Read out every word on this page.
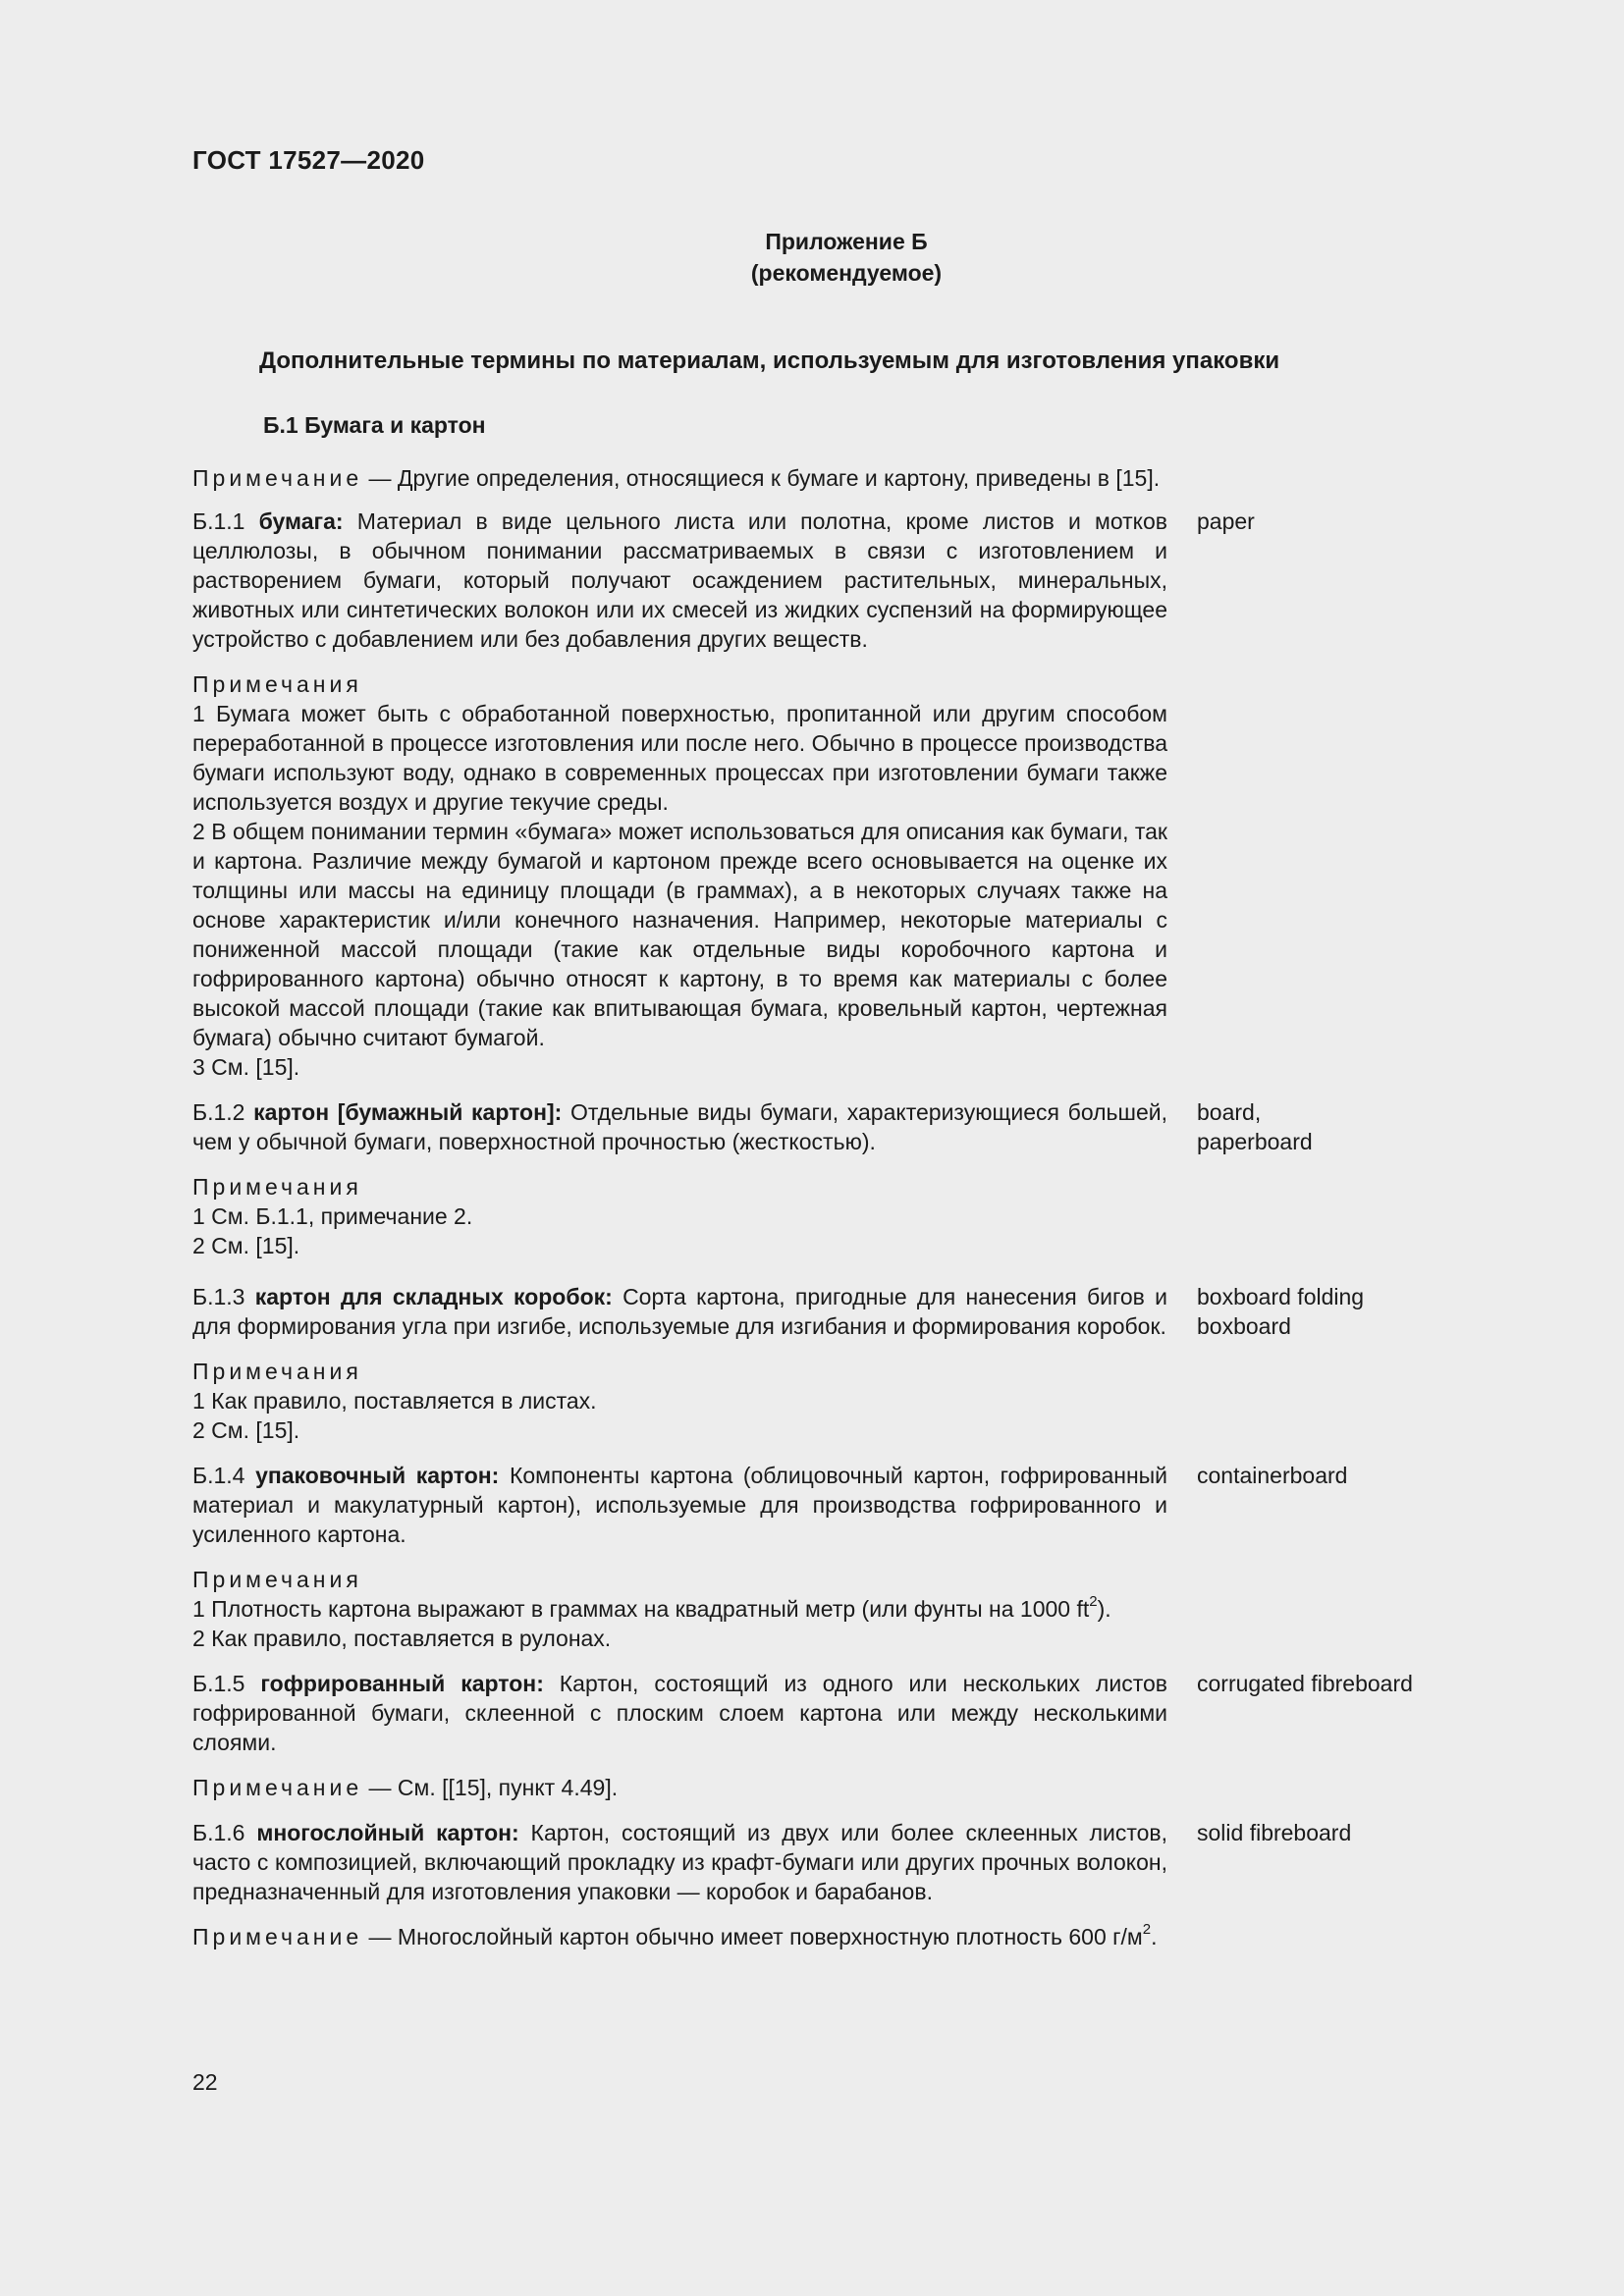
ГОСТ 17527—2020
Приложение Б
(рекомендуемое)
Дополнительные термины по материалам, используемым для изготовления упаковки
Б.1 Бумага и картон
Примечание — Другие определения, относящиеся к бумаге и картону, приведены в [15].
Б.1.1 бумага: Материал в виде цельного листа или полотна, кроме листов и мотков целлюлозы, в обычном понимании рассматриваемых в связи с изготовлением и растворением бумаги, который получают осаждением растительных, минеральных, животных или синтетических волокон или их смесей из жидких суспензий на формирующее устройство с добавлением или без добавления других веществ.
paper
Примечания
1 Бумага может быть с обработанной поверхностью, пропитанной или другим способом переработанной в процессе изготовления или после него. Обычно в процессе производства бумаги используют воду, однако в современных процессах при изготовлении бумаги также используется воздух и другие текучие среды.
2 В общем понимании термин «бумага» может использоваться для описания как бумаги, так и картона. Различие между бумагой и картоном прежде всего основывается на оценке их толщины или массы на единицу площади (в граммах), а в некоторых случаях также на основе характеристик и/или конечного назначения. Например, некоторые материалы с пониженной массой площади (такие как отдельные виды коробочного картона и гофрированного картона) обычно относят к картону, в то время как материалы с более высокой массой площади (такие как впитывающая бумага, кровельный картон, чертежная бумага) обычно считают бумагой.
3 См. [15].
Б.1.2 картон [бумажный картон]: Отдельные виды бумаги, характеризующиеся большей, чем у обычной бумаги, поверхностной прочностью (жесткостью).
board,
paperboard
Примечания
1 См. Б.1.1, примечание 2.
2 См. [15].
Б.1.3 картон для складных коробок: Сорта картона, пригодные для нанесения бигов и для формирования угла при изгибе, используемые для изгибания и формирования коробок.
boxboard folding
boxboard
Примечания
1 Как правило, поставляется в листах.
2 См. [15].
Б.1.4 упаковочный картон: Компоненты картона (облицовочный картон, гофрированный материал и макулатурный картон), используемые для производства гофрированного и усиленного картона.
containerboard
Примечания
1 Плотность картона выражают в граммах на квадратный метр (или фунты на 1000 $ft^2$).
2 Как правило, поставляется в рулонах.
Б.1.5 гофрированный картон: Картон, состоящий из одного или нескольких листов гофрированной бумаги, склеенной с плоским слоем картона или между несколькими слоями.
corrugated fibreboard
Примечание — См. [[15], пункт 4.49].
Б.1.6 многослойный картон: Картон, состоящий из двух или более склеенных листов, часто с композицией, включающий прокладку из крафт-бумаги или других прочных волокон, предназначенный для изготовления упаковки — коробок и барабанов.
solid fibreboard
Примечание — Многослойный картон обычно имеет поверхностную плотность 600 $г/м^2$.
22
